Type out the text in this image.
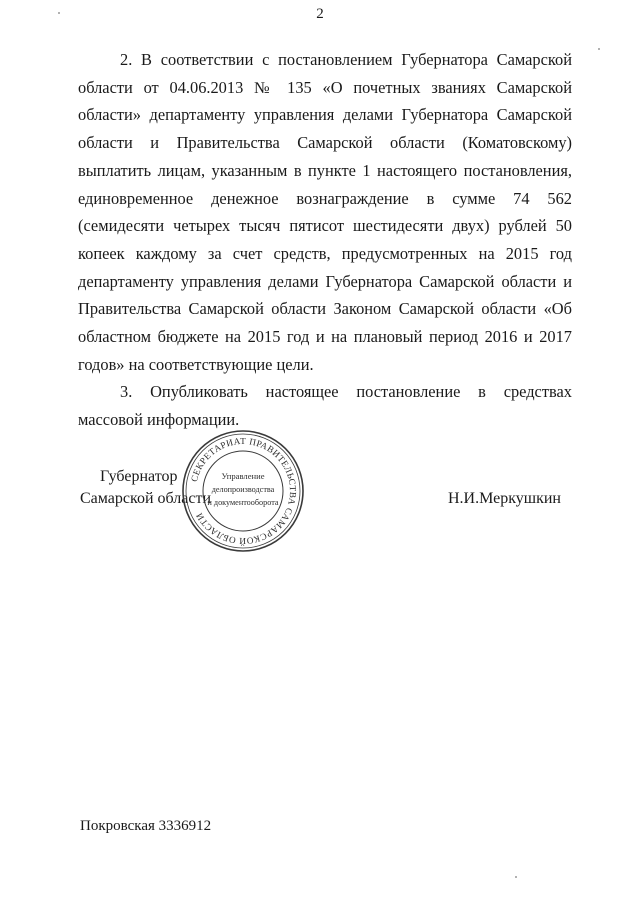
2

2. В соответствии с постановлением Губернатора Самарской области от 04.06.2013 № 135 «О почетных званиях Самарской области» департаменту управления делами Губернатора Самарской области и Правительства Самарской области (Коматовскому) выплатить лицам, указанным в пункте 1 настоящего постановления, единовременное денежное вознаграждение в сумме 74 562 (семидесяти четырех тысяч пятисот шестидесяти двух) рублей 50 копеек каждому за счет средств, предусмотренных на 2015 год департаменту управления делами Губернатора Самарской области и Правительства Самарской области Законом Самарской области «Об областном бюджете на 2015 год и на плановый период 2016 и 2017 годов» на соответствующие цели.

3. Опубликовать настоящее постановление в средствах массовой информации.

Губернатор
Самарской области
СЕКРЕТАРИАТ ПРАВИТЕЛЬСТВА САМАРСКОЙ ОБЛАСТИ
Управление
делопроизводства
и документооборота	Н.И.Меркушкин
Покровская 3336912
